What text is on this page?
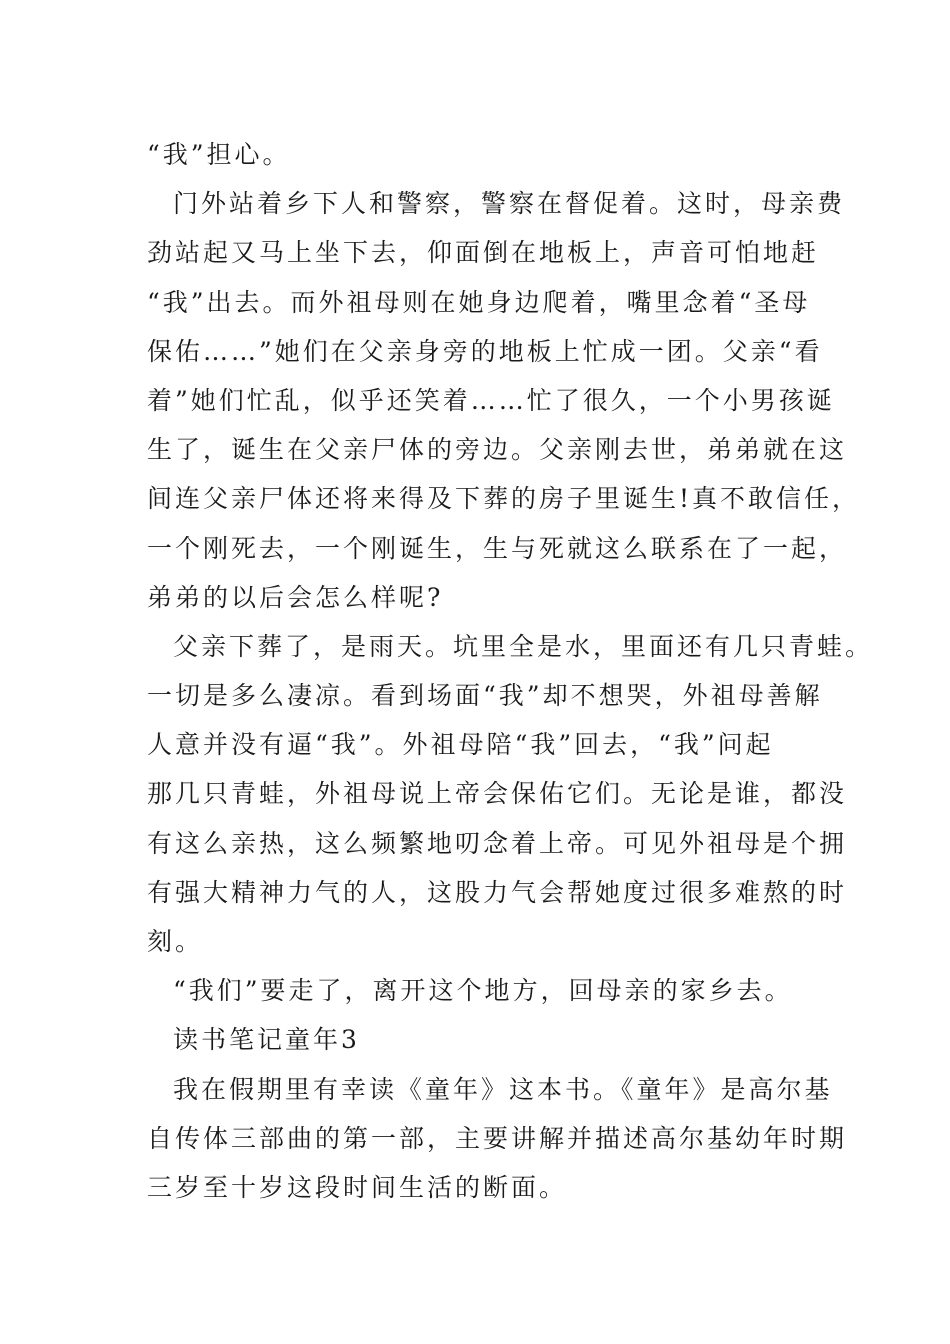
“我”担心。
门外站着乡下人和警察，警察在督促着。这时，母亲费
劲站起又马上坐下去，仰面倒在地板上，声音可怕地赶
“我”出去。而外祖母则在她身边爬着，嘴里念着“圣母
保佑……”她们在父亲身旁的地板上忙成一团。父亲“看
着”她们忙乱，似乎还笑着……忙了很久，一个小男孩诞
生了，诞生在父亲尸体的旁边。父亲刚去世，弟弟就在这
间连父亲尸体还将来得及下葬的房子里诞生!真不敢信任，
一个刚死去，一个刚诞生，生与死就这么联系在了一起，
弟弟的以后会怎么样呢?
父亲下葬了，是雨天。坑里全是水，里面还有几只青蛙。
一切是多么凄凉。看到场面“我”却不想哭，外祖母善解
人意并没有逼“我”。外祖母陪“我”回去，“我”问起
那几只青蛙，外祖母说上帝会保佑它们。无论是谁，都没
有这么亲热，这么频繁地叨念着上帝。可见外祖母是个拥
有强大精神力气的人，这股力气会帮她度过很多难熬的时
刻。
“我们”要走了，离开这个地方，回母亲的家乡去。
读书笔记童年3
我在假期里有幸读《童年》这本书。《童年》是高尔基
自传体三部曲的第一部，主要讲解并描述高尔基幼年时期
三岁至十岁这段时间生活的断面。
